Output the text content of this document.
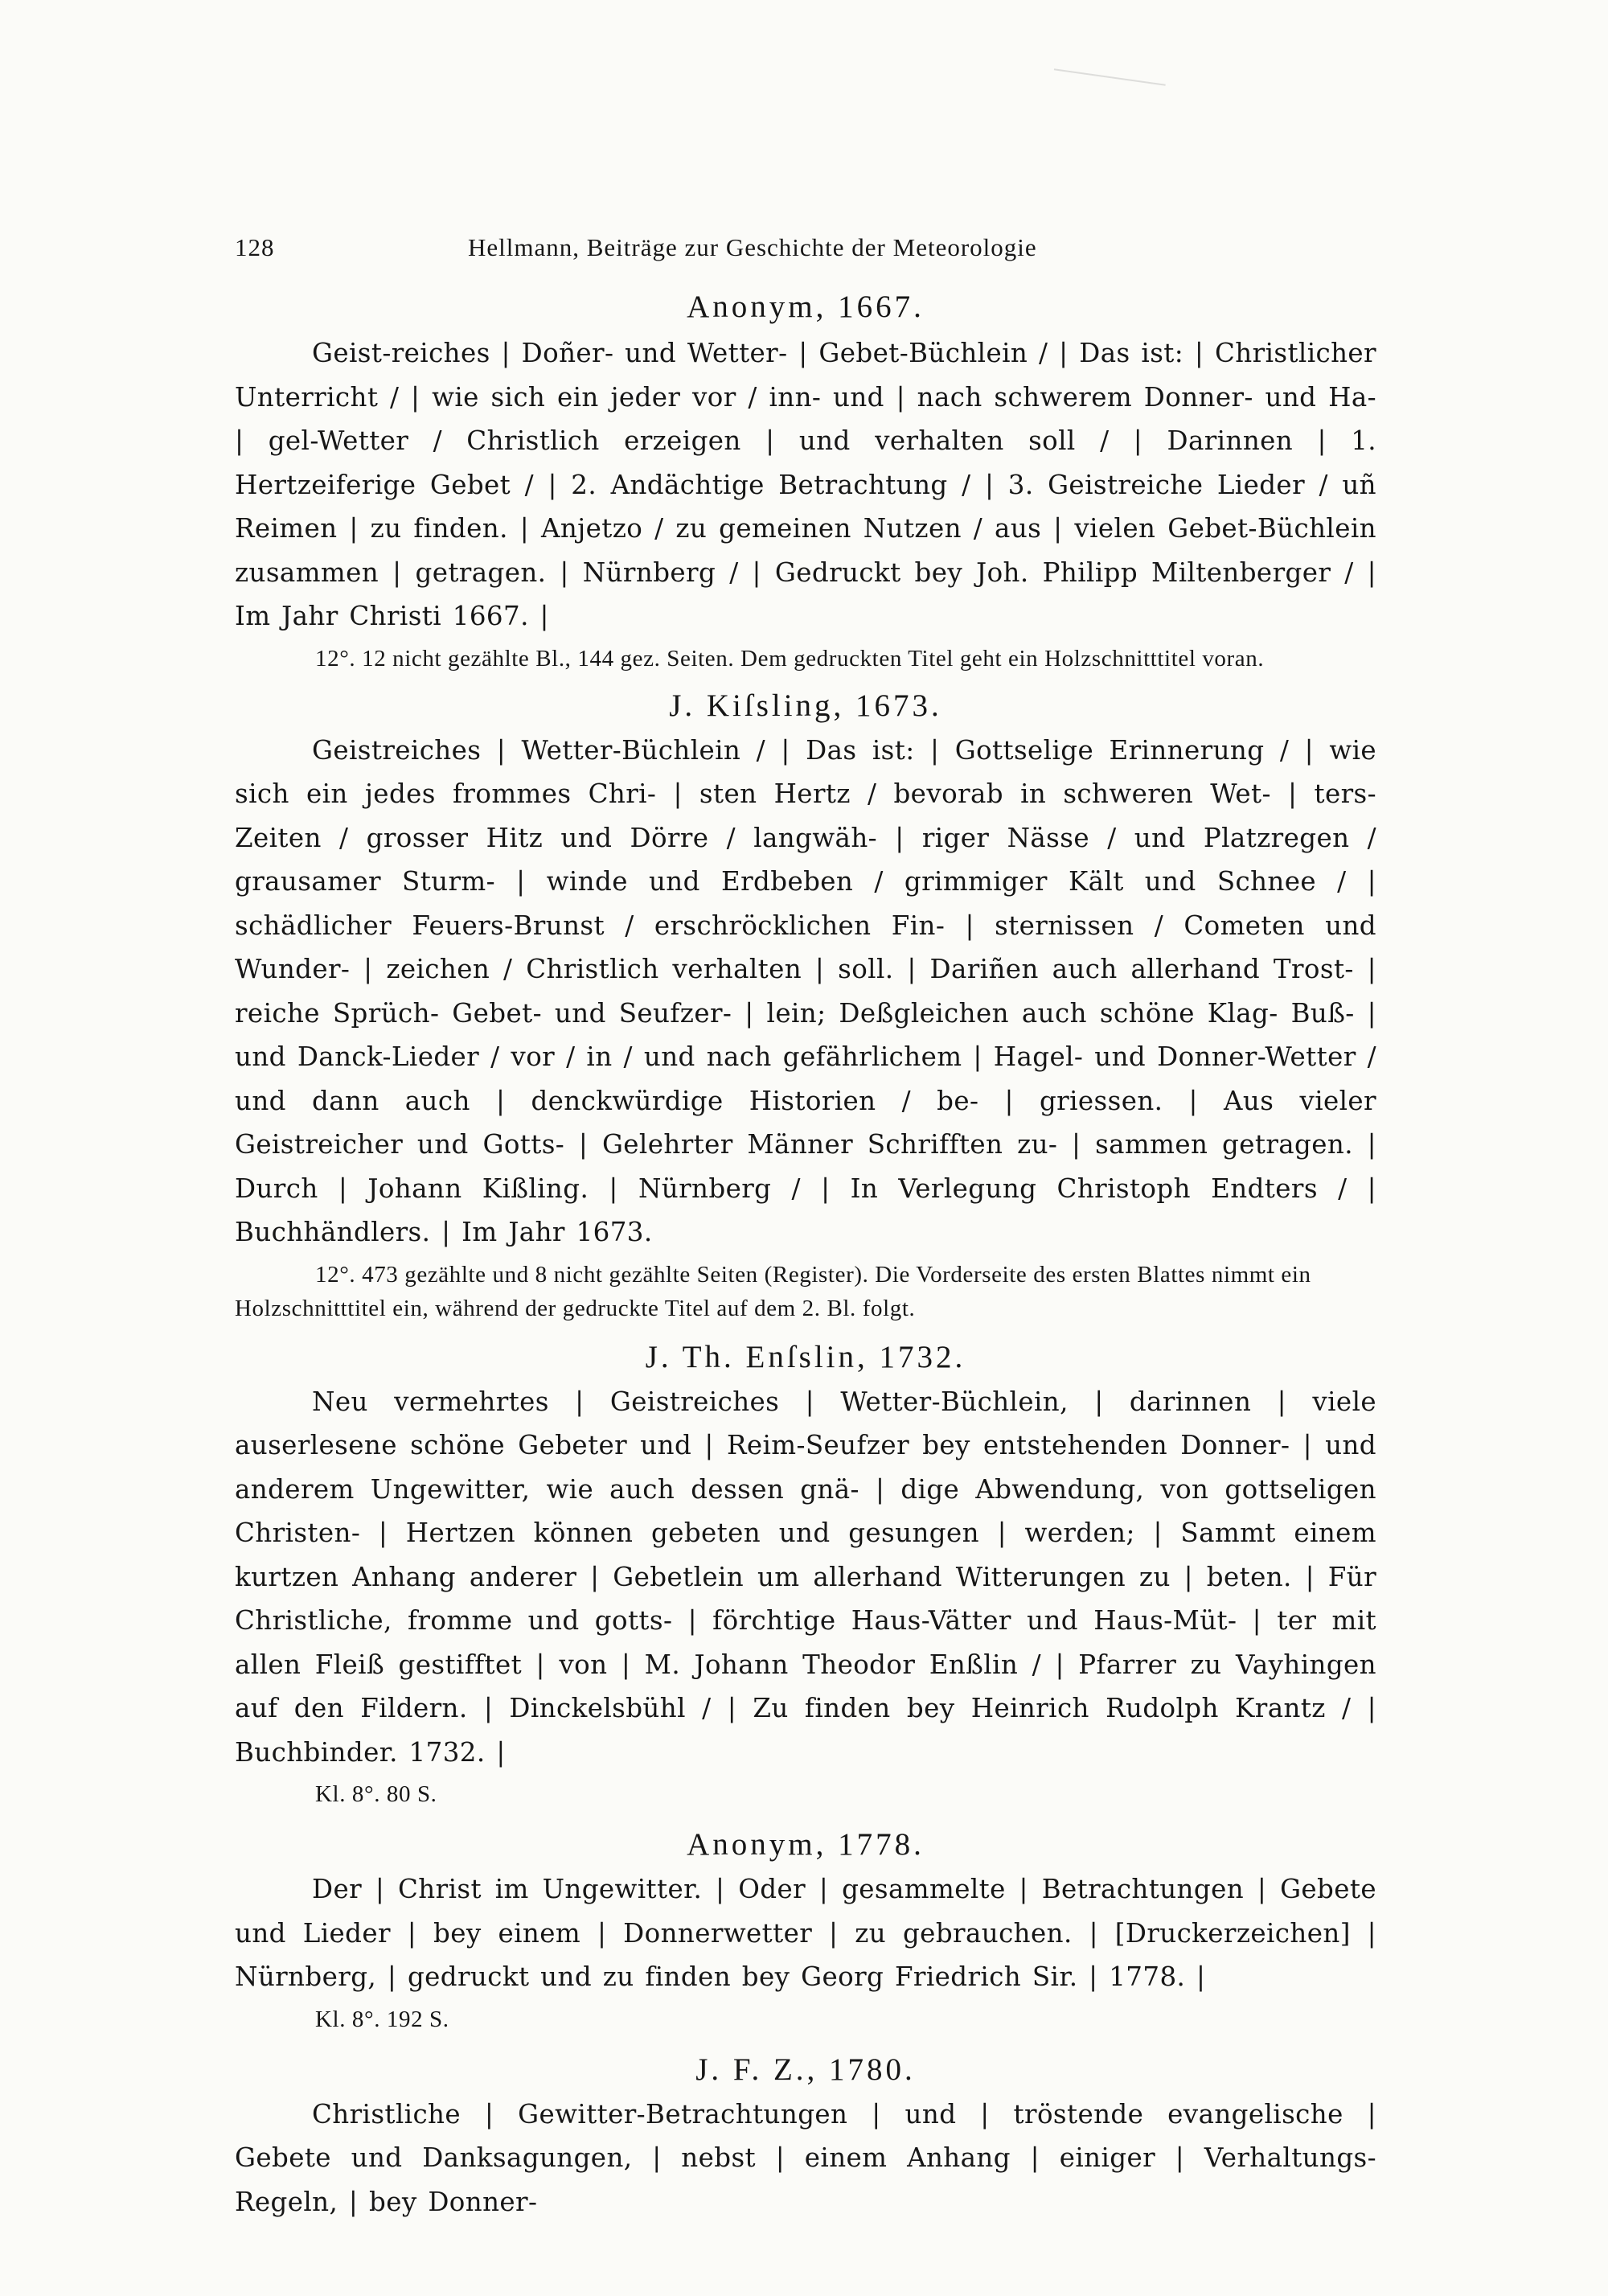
128	Hellmann, Beiträge zur Geschichte der Meteorologie

Anonym, 1667.

Geist-reiches | Doñer- und Wetter- | Gebet-Büchlein / | Das ist: | Christlicher Unterricht / | wie sich ein jeder vor / inn- und | nach schwerem Donner- und Ha- | gel-Wetter / Christlich erzeigen | und verhalten soll / | Darinnen | 1. Hertzeiferige Gebet / | 2. Andächtige Betrachtung / | 3. Geistreiche Lieder / uñ Reimen | zu finden. | Anjetzo / zu gemeinen Nutzen / aus | vielen Gebet-Büchlein zusammen | getragen. | Nürnberg / | Gedruckt bey Joh. Philipp Miltenberger / | Im Jahr Christi 1667. |

12°. 12 nicht gezählte Bl., 144 gez. Seiten. Dem gedruckten Titel geht ein Holzschnitttitel voran.

J. Kiſsling, 1673.

Geistreiches | Wetter-Büchlein / | Das ist: | Gottselige Erinnerung / | wie sich ein jedes frommes Chri- | sten Hertz / bevorab in schweren Wet- | ters-Zeiten / grosser Hitz und Dörre / langwäh- | riger Nässe / und Platzregen / grausamer Sturm- | winde und Erdbeben / grimmiger Kält und Schnee / | schädlicher Feuers-Brunst / erschröcklichen Fin- | sternissen / Cometen und Wunder- | zeichen / Christlich verhalten | soll. | Dariñen auch allerhand Trost- | reiche Sprüch- Gebet- und Seufzer- | lein; Deßgleichen auch schöne Klag- Buß- | und Danck-Lieder / vor / in / und nach gefährlichem | Hagel- und Donner-Wetter / und dann auch | denckwürdige Historien / be- | griessen. | Aus vieler Geistreicher und Gotts- | Gelehrter Männer Schrifften zu- | sammen getragen. | Durch | Johann Kißling. | Nürnberg / | In Verlegung Christoph Endters / | Buchhändlers. | Im Jahr 1673.

12°. 473 gezählte und 8 nicht gezählte Seiten (Register). Die Vorderseite des ersten Blattes nimmt ein Holzschnitttitel ein, während der gedruckte Titel auf dem 2. Bl. folgt.

J. Th. Enſslin, 1732.

Neu vermehrtes | Geistreiches | Wetter-Büchlein, | darinnen | viele auserlesene schöne Gebeter und | Reim-Seufzer bey entstehenden Donner- | und anderem Ungewitter, wie auch dessen gnä- | dige Abwendung, von gottseligen Christen- | Hertzen können gebeten und gesungen | werden; | Sammt einem kurtzen Anhang anderer | Gebetlein um allerhand Witterungen zu | beten. | Für Christliche, fromme und gotts- | förchtige Haus-Vätter und Haus-Müt- | ter mit allen Fleiß gestifftet | von | M. Johann Theodor Enßlin / | Pfarrer zu Vayhingen auf den Fildern. | Dinckelsbühl / | Zu finden bey Heinrich Rudolph Krantz / | Buchbinder. 1732. |

Kl. 8°. 80 S.

Anonym, 1778.

Der | Christ im Ungewitter. | Oder | gesammelte | Betrachtungen | Gebete und Lieder | bey einem | Donnerwetter | zu gebrauchen. | [Druckerzeichen] | Nürnberg, | gedruckt und zu finden bey Georg Friedrich Sir. | 1778. |

Kl. 8°. 192 S.

J. F. Z., 1780.

Christliche | Gewitter-Betrachtungen | und | tröstende evangelische | Gebete und Danksagungen, | nebst | einem Anhang | einiger | Verhaltungs-Regeln, | bey Donner-
